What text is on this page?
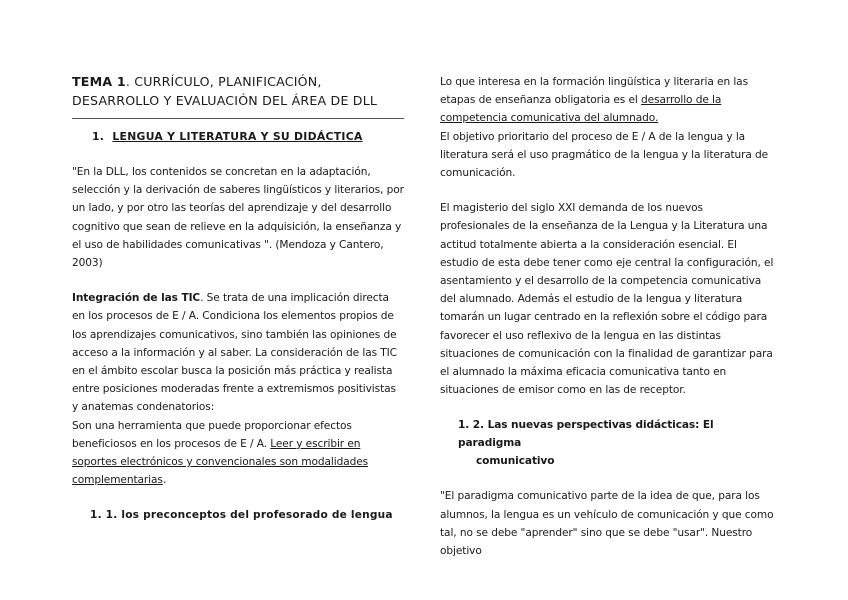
TEMA 1. CURRÍCULO, PLANIFICACIÓN, DESARROLLO Y EVALUACIÓN DEL ÁREA DE DLL

1. LENGUA Y LITERATURA Y SU DIDÁCTICA

"En la DLL, los contenidos se concretan en la adaptación, selección y la derivación de saberes lingüísticos y literarios, por un lado, y por otro las teorías del aprendizaje y del desarrollo cognitivo que sean de relieve en la adquisición, la enseñanza y el uso de habilidades comunicativas ". (Mendoza y Cantero, 2003)

Integración de las TIC. Se trata de una implicación directa en los procesos de E / A. Condiciona los elementos propios de los aprendizajes comunicativos, sino también las opiniones de acceso a la información y al saber. La consideración de las TIC en el ámbito escolar busca la posición más práctica y realista entre posiciones moderadas frente a extremismos positivistas y anatemas condenatorios:

Son una herramienta que puede proporcionar efectos beneficiosos en los procesos de E / A. Leer y escribir en soportes electrónicos y convencionales son modalidades complementarias.

1. 1. los preconceptos del profesorado de lengua

Lo que interesa en la formación lingüística y literaria en las etapas de enseñanza obligatoria es el desarrollo de la competencia comunicativa del alumnado.

El objetivo prioritario del proceso de E / A de la lengua y la literatura será el uso pragmático de la lengua y la literatura de comunicación.

El magisterio del siglo XXI demanda de los nuevos profesionales de la enseñanza de la Lengua y la Literatura una actitud totalmente abierta a la consideración esencial. El estudio de esta debe tener como eje central la configuración, el asentamiento y el desarrollo de la competencia comunicativa del alumnado. Además el estudio de la lengua y literatura tomarán un lugar centrado en la reflexión sobre el código para favorecer el uso reflexivo de la lengua en las distintas situaciones de comunicación con la finalidad de garantizar para el alumnado la máxima eficacia comunicativa tanto en situaciones de emisor como en las de receptor.

1. 2. Las nuevas perspectivas didácticas: El paradigma
comunicativo

"El paradigma comunicativo parte de la idea de que, para los alumnos, la lengua es un vehículo de comunicación y que como tal, no se debe "aprender" sino que se debe "usar". Nuestro objetivo
